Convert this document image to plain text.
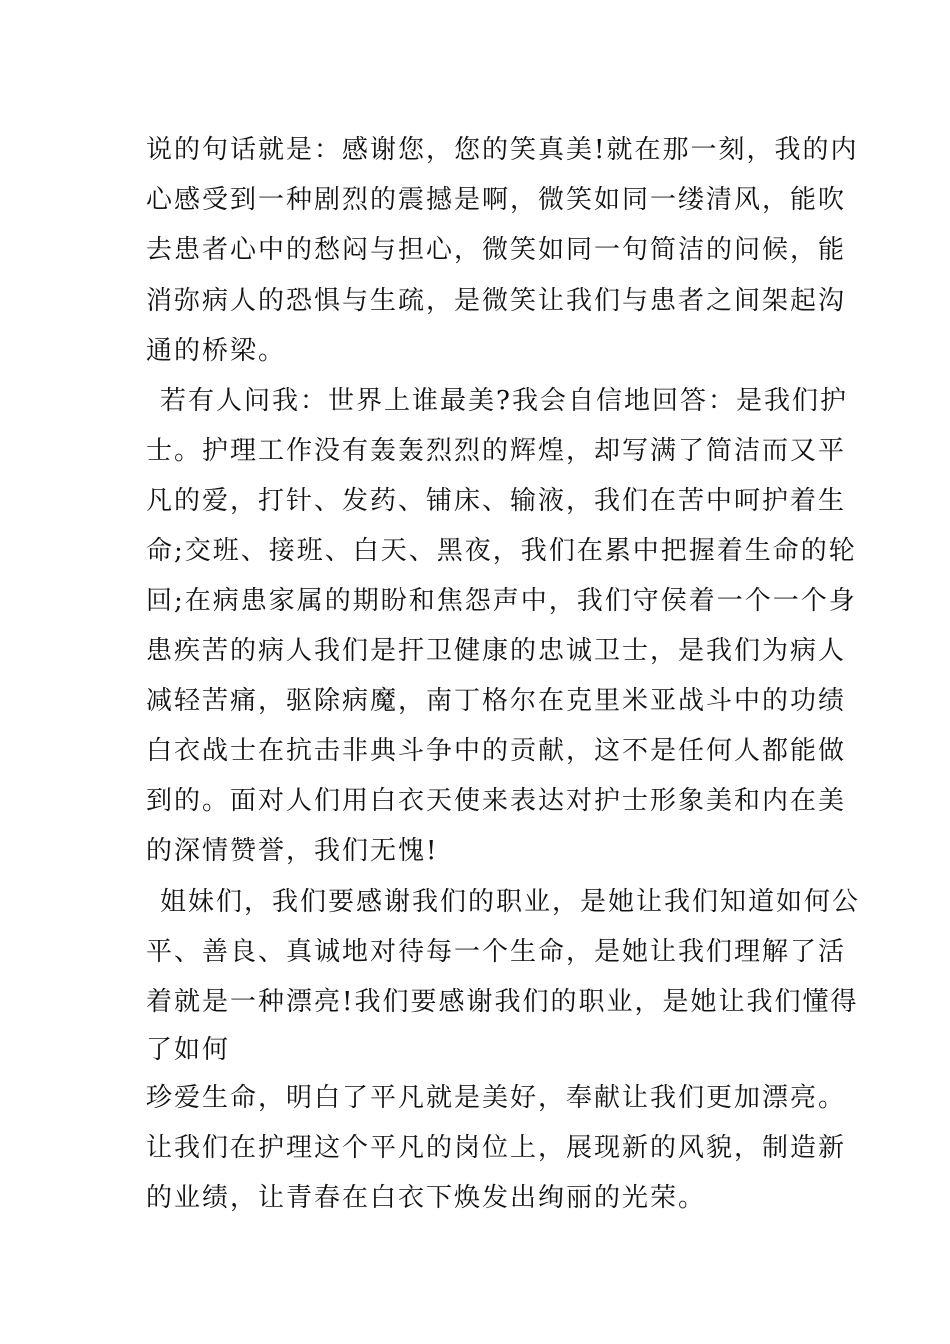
说的句话就是：感谢您，您的笑真美!就在那一刻，我的内
心感受到一种剧烈的震撼是啊，微笑如同一缕清风，能吹
去患者心中的愁闷与担心，微笑如同一句简洁的问候，能
消弥病人的恐惧与生疏，是微笑让我们与患者之间架起沟
通的桥梁。
若有人问我：世界上谁最美?我会自信地回答：是我们护
士。护理工作没有轰轰烈烈的辉煌，却写满了简洁而又平
凡的爱，打针、发药、铺床、输液，我们在苦中呵护着生
命;交班、接班、白天、黑夜，我们在累中把握着生命的轮
回;在病患家属的期盼和焦怨声中，我们守侯着一个一个身
患疾苦的病人我们是扞卫健康的忠诚卫士，是我们为病人
减轻苦痛，驱除病魔，南丁格尔在克里米亚战斗中的功绩
白衣战士在抗击非典斗争中的贡献，这不是任何人都能做
到的。面对人们用白衣天使来表达对护士形象美和内在美
的深情赞誉，我们无愧!
姐妹们，我们要感谢我们的职业，是她让我们知道如何公
平、善良、真诚地对待每一个生命，是她让我们理解了活
着就是一种漂亮!我们要感谢我们的职业，是她让我们懂得
了如何
珍爱生命，明白了平凡就是美好，奉献让我们更加漂亮。
让我们在护理这个平凡的岗位上，展现新的风貌，制造新
的业绩，让青春在白衣下焕发出绚丽的光荣。
